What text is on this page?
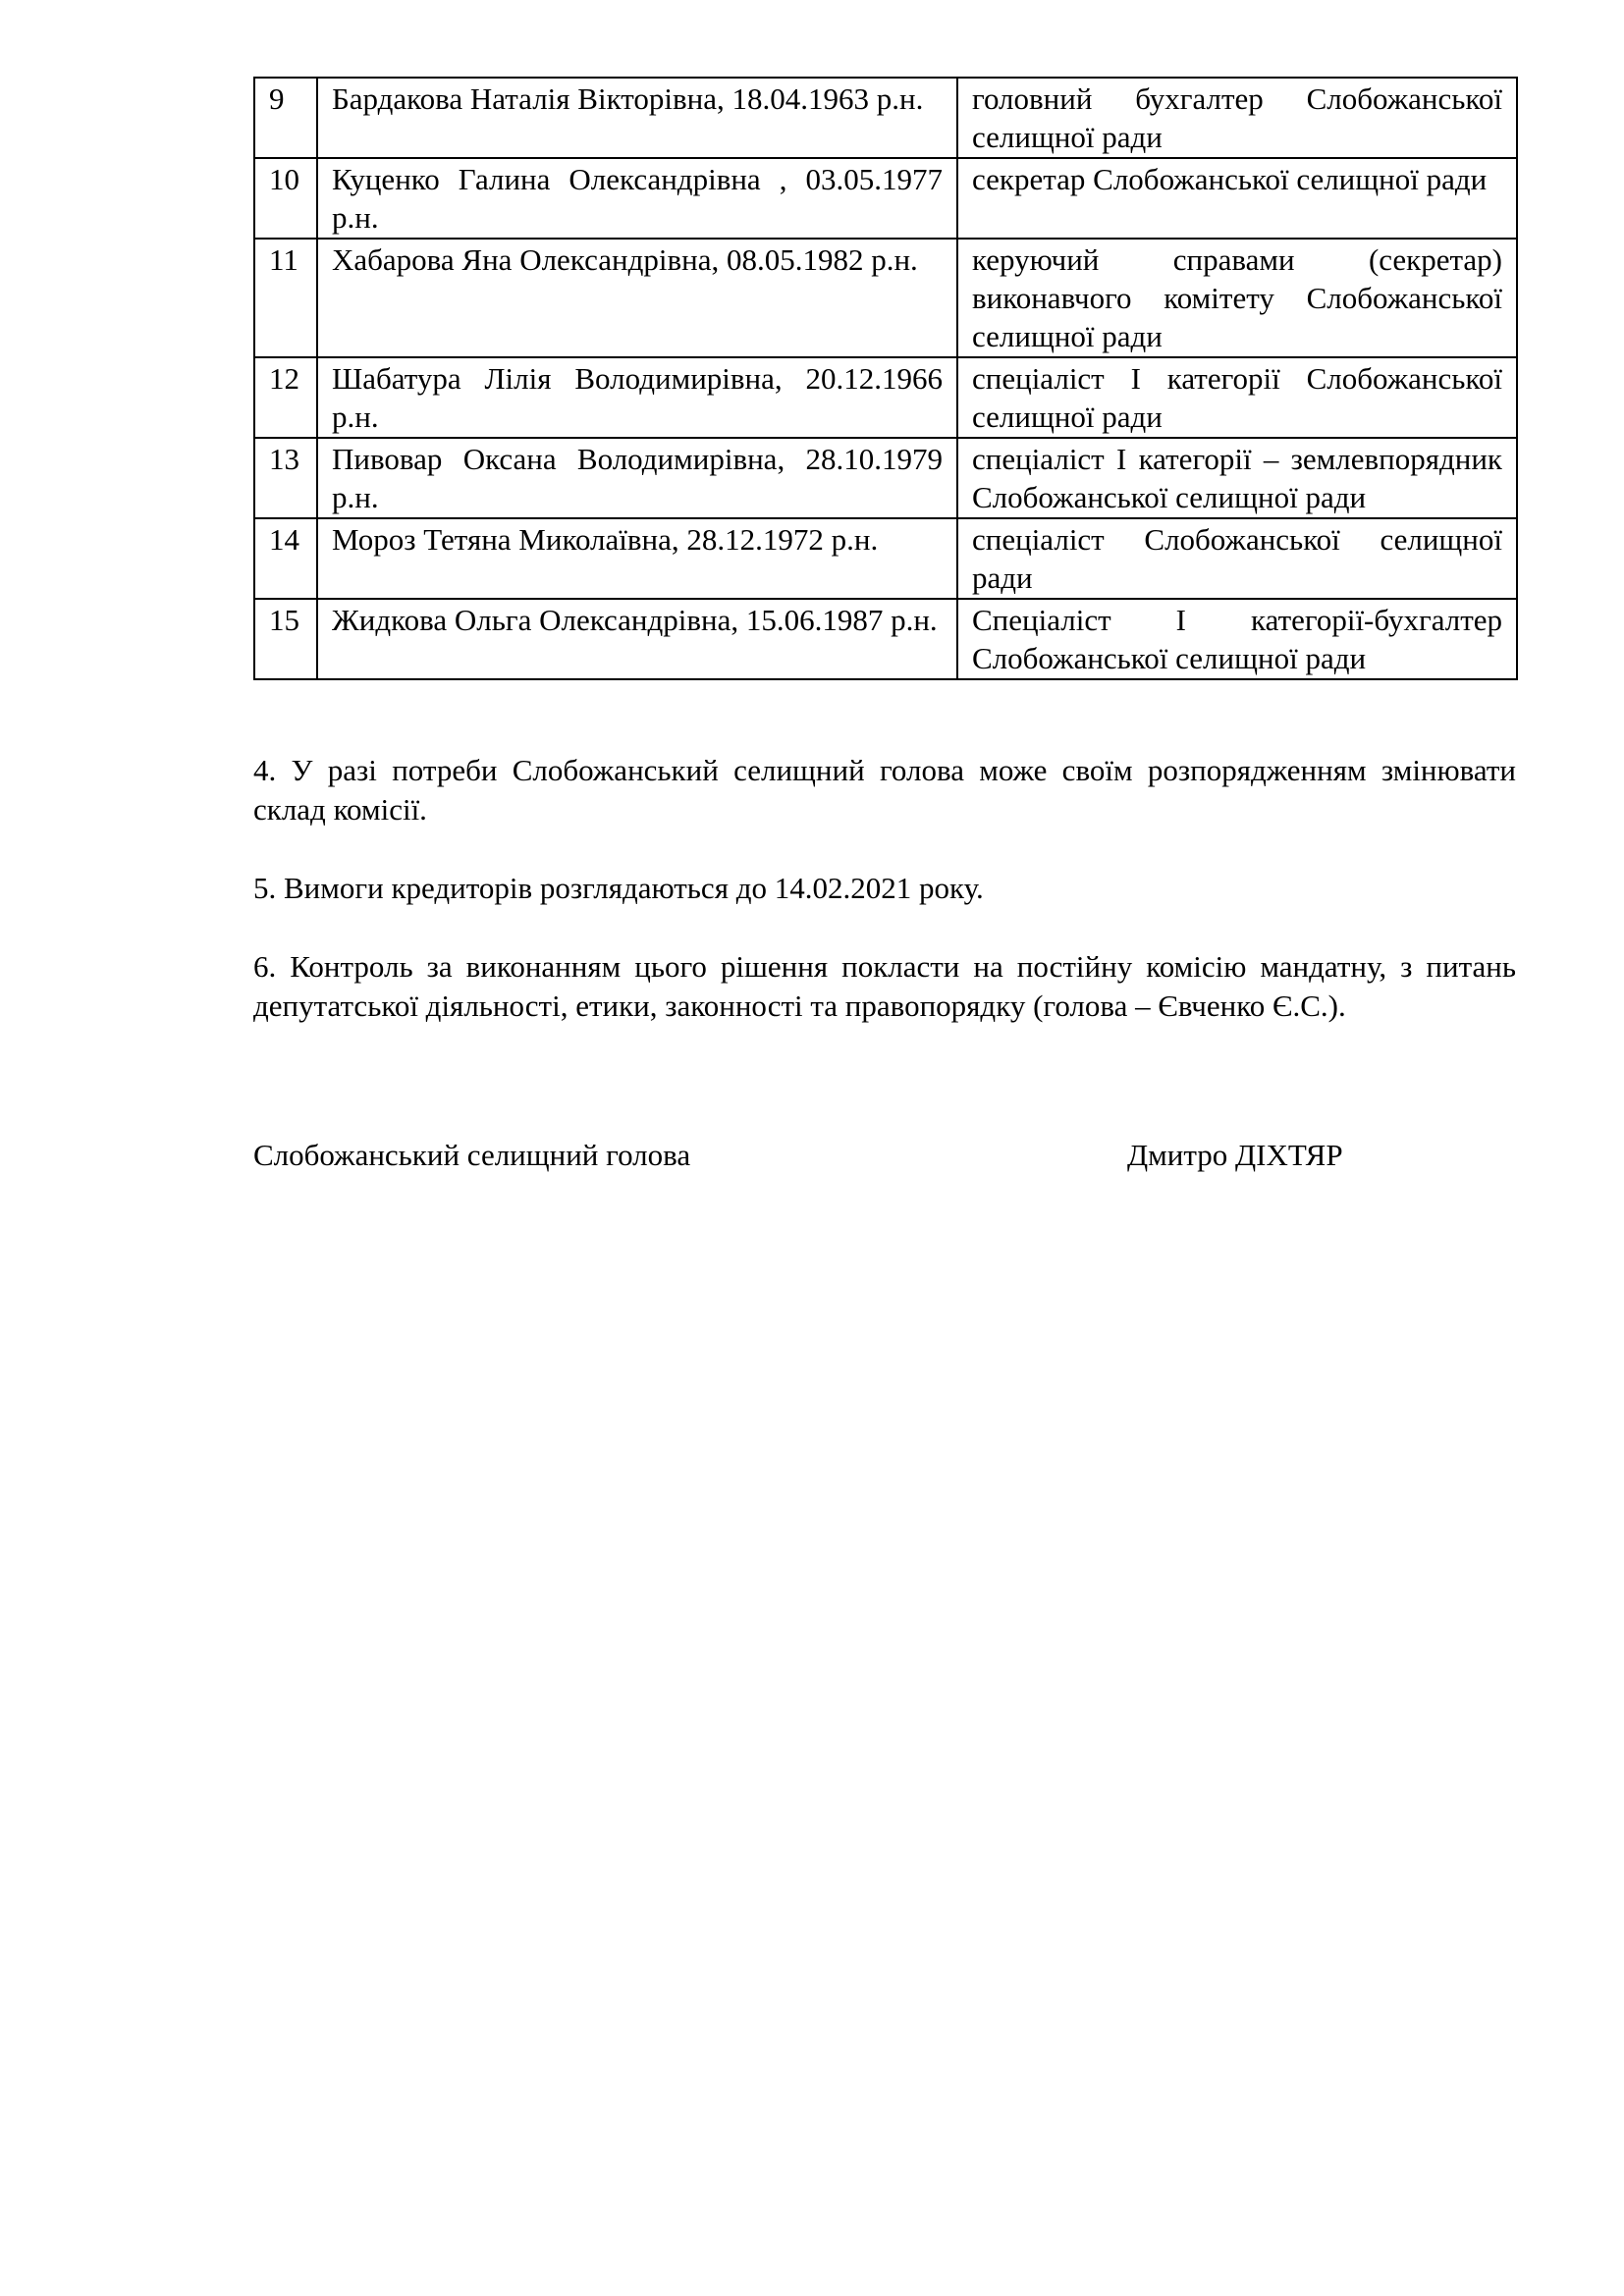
9	Бардакова Наталія Вікторівна, 18.04.1963 р.н.	головний бухгалтер Слобожанської селищної ради
10	Куценко Галина Олександрівна , 03.05.1977 р.н.	секретар Слобожанської селищної ради
11	Хабарова Яна Олександрівна, 08.05.1982 р.н.	керуючий справами (секретар) виконавчого комітету Слобожанської селищної ради
12	Шабатура Лілія Володимирівна, 20.12.1966 р.н.	спеціаліст І категорії Слобожанської селищної ради
13	Пивовар Оксана Володимирівна, 28.10.1979 р.н.	спеціаліст І категорії – землевпорядник Слобожанської селищної ради
14	Мороз Тетяна Миколаївна, 28.12.1972 р.н.	спеціаліст Слобожанської селищної ради
15	Жидкова Ольга Олександрівна, 15.06.1987 р.н.	Спеціаліст І категорії-бухгалтер Слобожанської селищної ради

4. У разі потреби Слобожанський селищний голова може своїм розпорядженням змінювати склад комісії.

5. Вимоги кредиторів розглядаються до 14.02.2021 року.

6. Контроль за виконанням цього рішення покласти на постійну комісію мандатну, з питань депутатської діяльності, етики, законності та правопорядку (голова – Євченко Є.С.).

Слобожанський селищний голова	Дмитро ДІХТЯР
